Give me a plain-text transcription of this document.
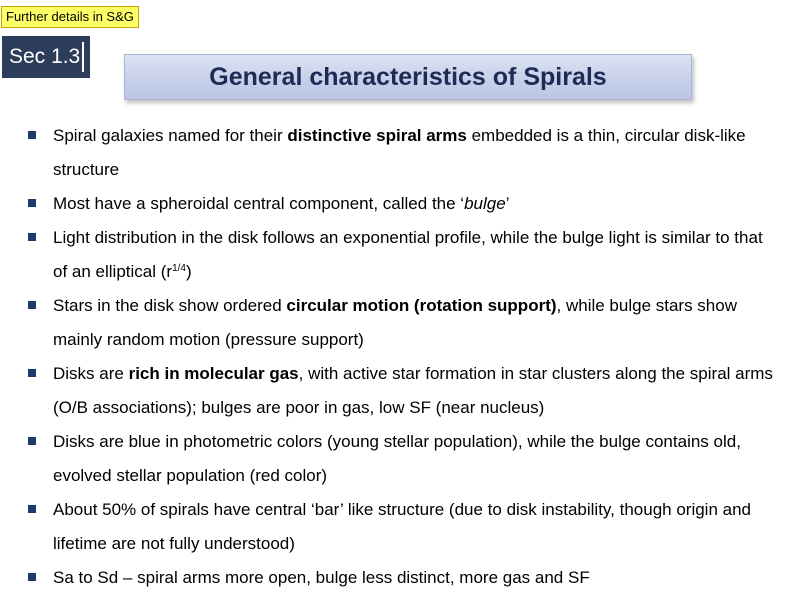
Further details in S&G
Sec 1.3
General characteristics of Spirals
Spiral galaxies named for their distinctive spiral arms embedded is a thin, circular disk-like structure
Most have a spheroidal central component, called the ‘bulge’
Light distribution in the disk follows an exponential profile, while the bulge light is similar to that of an elliptical $(r^{1/4})$
Stars in the disk show ordered circular motion (rotation support), while bulge stars show mainly random motion (pressure support)
Disks are rich in molecular gas, with active star formation in star clusters along the spiral arms (O/B associations); bulges are poor in gas, low SF (near nucleus)
Disks are blue in photometric colors (young stellar population), while the bulge contains old, evolved stellar population (red color)
About 50% of spirals have central ‘bar’ like structure (due to disk instability, though origin and lifetime are not fully understood)
Sa to Sd – spiral arms more open, bulge less distinct, more gas and SF
